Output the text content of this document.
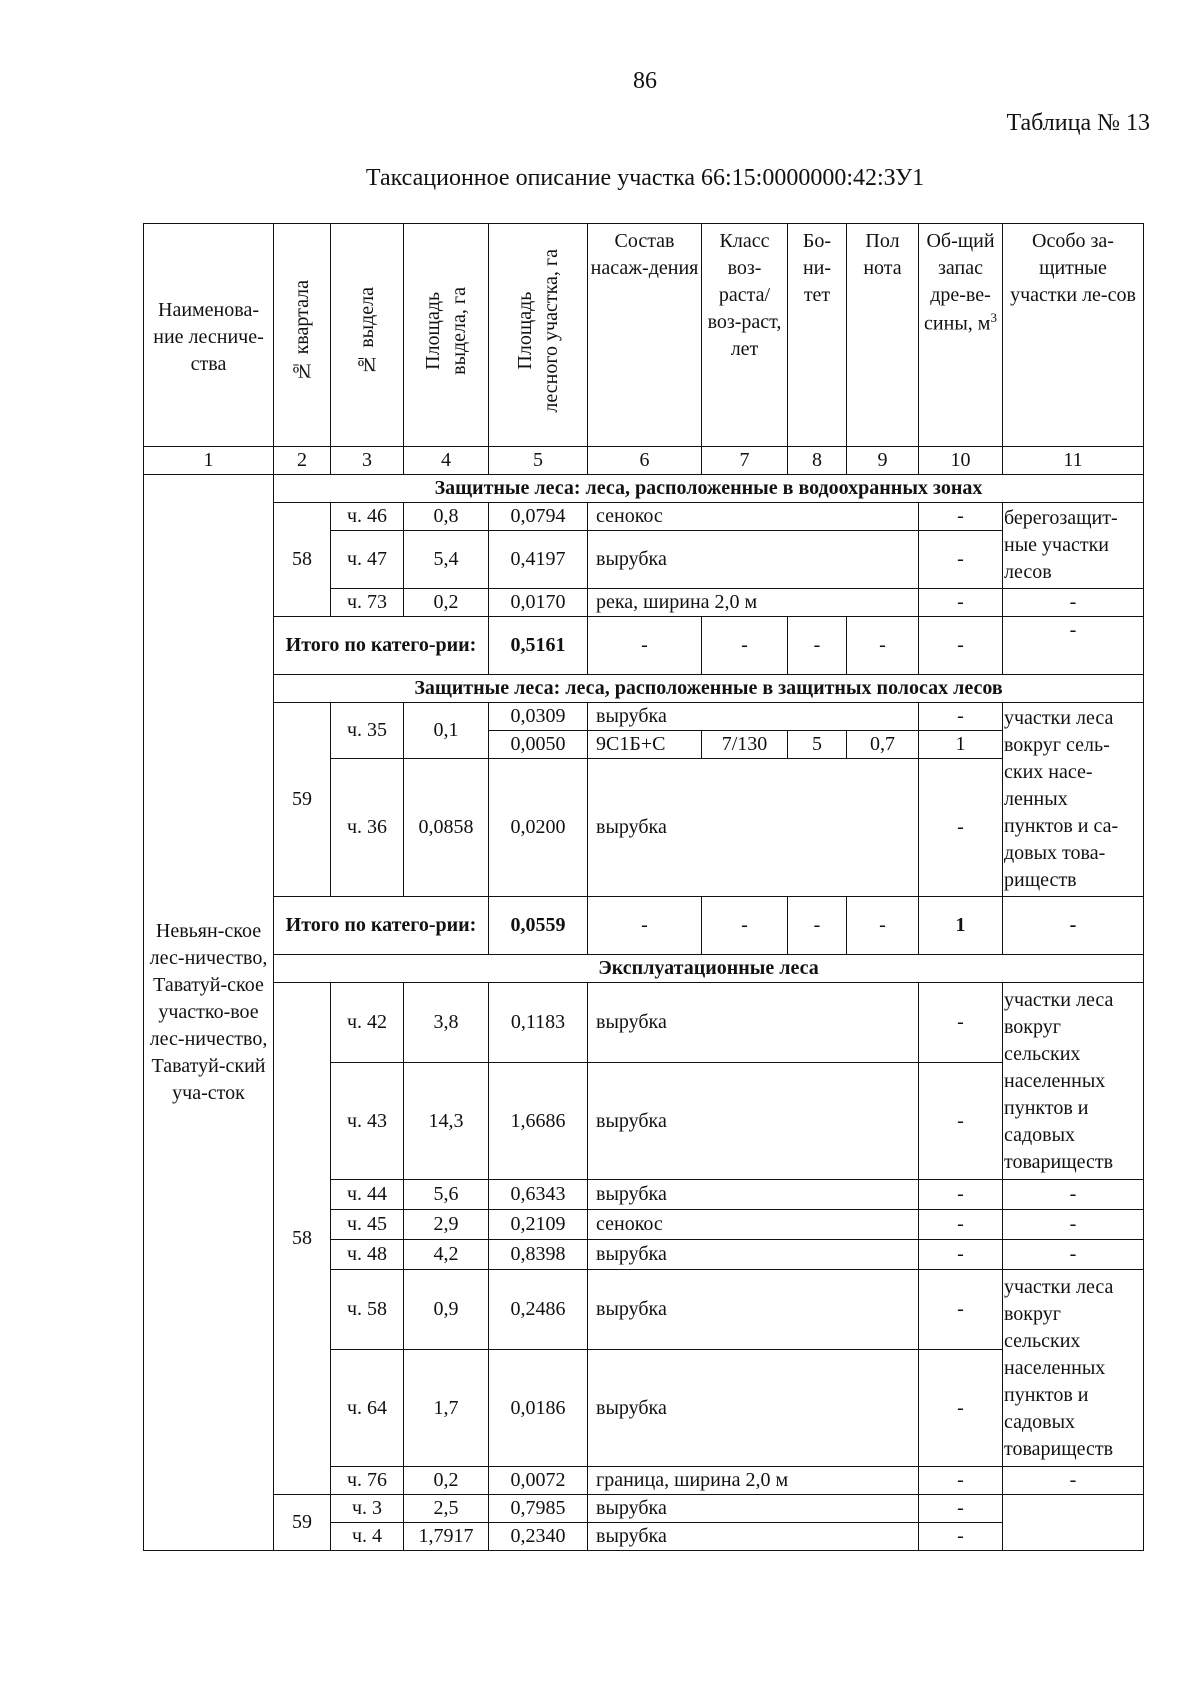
86
Таблица № 13
Таксационное описание участка 66:15:0000000:42:ЗУ1
Наименова-ние лесниче-ства	№ квартала	№ выдела	Площадь выдела, га	Площадь лесного участка, га	Состав насаж-дения	Класс воз-раста/ воз-раст, лет	Бо-ни-тет	Пол нота	Об-щий запас дре-ве-сины, $м^3$	Особо за-щитные участки ле-сов
1	2	3	4	5	6	7	8	9	10	11
Невьян-ское лес-ничество, Таватуй-ское участко-вое лес-ничество, Таватуй-ский уча-сток	Защитные леса: леса, расположенные в водоохранных зонах									
	58	ч. 46	0,8	0,0794	сенокос				-	берегозащит-ные участки лесов
		ч. 47	5,4	0,4197	вырубка				-	
		ч. 73	0,2	0,0170	река, ширина 2,0 м				-	-
	Итого по катего-рии:			0,5161	-	-	-	-	-	-
	Защитные леса: леса, расположенные в защитных полосах лесов									
	59	ч. 35	0,1	0,0309	вырубка				-	участки леса вокруг сель-ских насе-ленных пунктов и са-довых това-риществ
				0,0050	9С1Б+С	7/130	5	0,7	1	
		ч. 36	0,0858	0,0200	вырубка				-	
	Итого по катего-рии:			0,0559	-	-	-	-	1	-
	Эксплуатационные леса									
	58	ч. 42	3,8	0,1183	вырубка				-	участки леса вокруг сельских населенных пунктов и садовых товариществ
		ч. 43	14,3	1,6686	вырубка				-	
		ч. 44	5,6	0,6343	вырубка				-	-
		ч. 45	2,9	0,2109	сенокос				-	-
		ч. 48	4,2	0,8398	вырубка				-	-
		ч. 58	0,9	0,2486	вырубка				-	участки леса вокруг сельских населенных пунктов и садовых товариществ
		ч. 64	1,7	0,0186	вырубка				-	
		ч. 76	0,2	0,0072	граница, ширина 2,0 м				-	-
	59	ч. 3	2,5	0,7985	вырубка				-	
		ч. 4	1,7917	0,2340	вырубка				-	
